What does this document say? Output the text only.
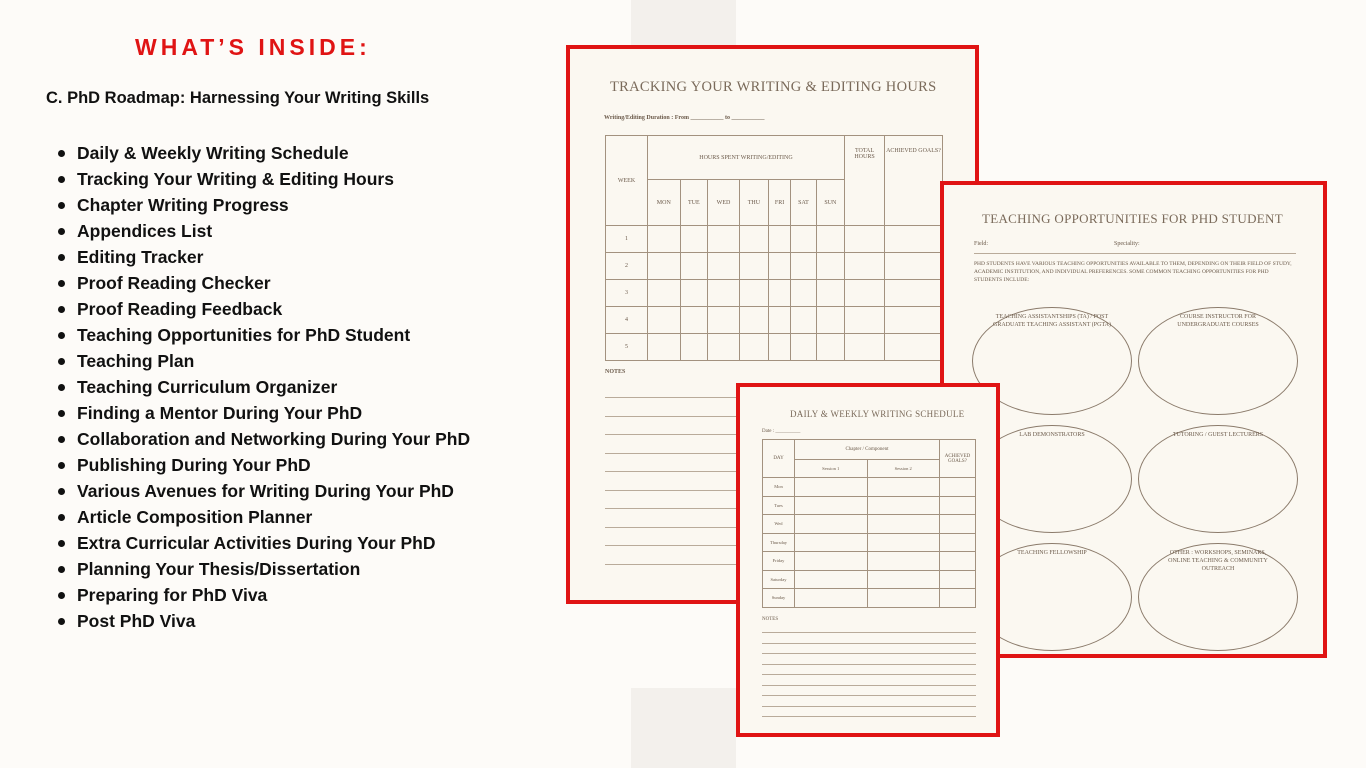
WHAT’S INSIDE:
C. PhD Roadmap: Harnessing Your Writing Skills
Daily & Weekly Writing Schedule
Tracking Your Writing & Editing Hours
Chapter Writing Progress
Appendices List
Editing Tracker
Proof Reading Checker
Proof Reading Feedback
Teaching Opportunities for PhD Student
Teaching Plan
Teaching Curriculum Organizer
Finding a Mentor During Your PhD
Collaboration and Networking During Your PhD
Publishing During Your PhD
Various Avenues for Writing During Your PhD
Article Composition Planner
Extra Curricular Activities During Your PhD
Planning Your Thesis/Dissertation
Preparing for PhD Viva
Post PhD Viva
TRACKING YOUR WRITING & EDITING HOURS
Writing/Editing Duration : From ___________ to ___________
WEEK	HOURS SPENT WRITING/EDITING							TOTAL HOURS	ACHIEVED GOALS?
	MON	TUE	WED	THU	FRI	SAT	SUN		
1									
2									
3									
4									
5									
NOTES
TEACHING OPPORTUNITIES FOR PHD STUDENT
Field:	Speciality:
PHD STUDENTS HAVE VARIOUS TEACHING OPPORTUNITIES AVAILABLE TO THEM, DEPENDING ON THEIR FIELD OF STUDY, ACADEMIC INSTITUTION, AND INDIVIDUAL PREFERENCES. SOME COMMON TEACHING OPPORTUNITIES FOR PHD STUDENTS INCLUDE:
TEACHING ASSISTANTSHIPS (TA) / POST GRADUATE TEACHING ASSISTANT (PGTA)
COURSE INSTRUCTOR FOR UNDERGRADUATE COURSES
LAB DEMONSTRATORS	TUTORING / GUEST LECTURERS
TEACHING FELLOWSHIP	OTHER : WORKSHOPS, SEMINARS, ONLINE TEACHING & COMMUNITY OUTREACH
DAILY & WEEKLY WRITING SCHEDULE
Date : __________
DAY	Chapter / Component		ACHIEVED GOALS?
	Session 1	Session 2	
Mon			
Tues			
Wed			
Thursday			
Friday			
Saturday			
Sunday			
NOTES
